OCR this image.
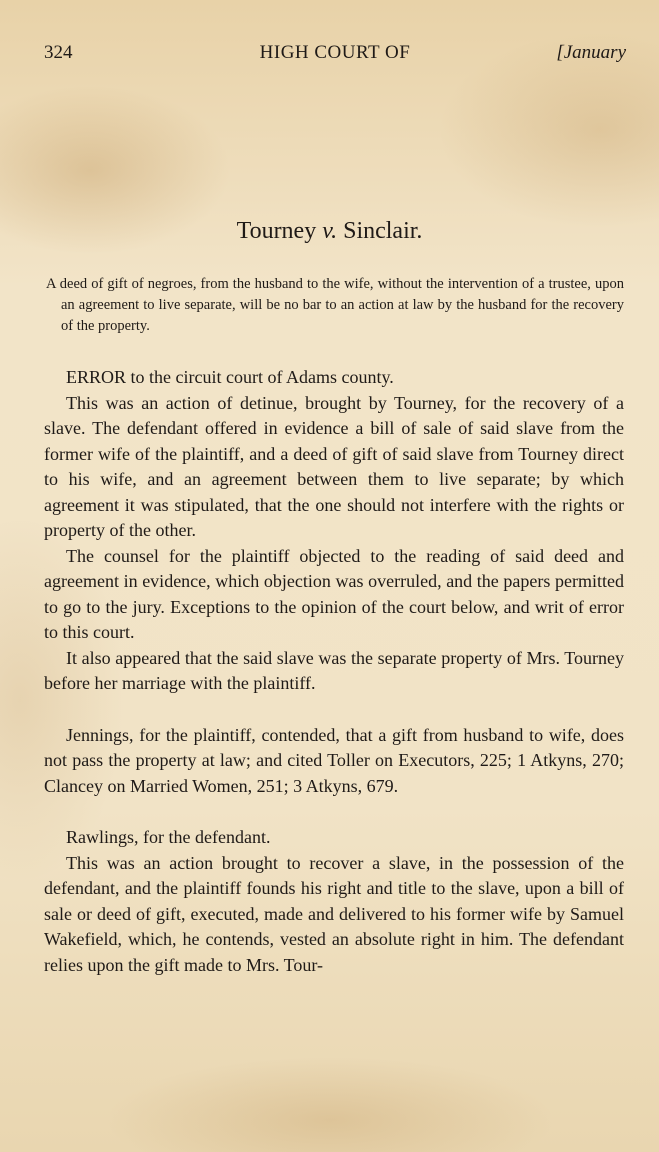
HIGH COURT OF
324	[January
Tourney v. Sinclair.
A deed of gift of negroes, from the husband to the wife, without the intervention of a trustee, upon an agreement to live separate, will be no bar to an action at law by the husband for the recovery of the property.

ERROR to the circuit court of Adams county.

This was an action of detinue, brought by Tourney, for the recovery of a slave. The defendant offered in evidence a bill of sale of said slave from the former wife of the plaintiff, and a deed of gift of said slave from Tourney direct to his wife, and an agreement between them to live separate; by which agreement it was stipulated, that the one should not interfere with the rights or property of the other.

The counsel for the plaintiff objected to the reading of said deed and agreement in evidence, which objection was overruled, and the papers permitted to go to the jury. Exceptions to the opinion of the court below, and writ of error to this court.

It also appeared that the said slave was the separate property of Mrs. Tourney before her marriage with the plaintiff.

Jennings, for the plaintiff, contended, that a gift from husband to wife, does not pass the property at law; and cited Toller on Executors, 225; 1 Atkyns, 270; Clancey on Married Women, 251; 3 Atkyns, 679.

Rawlings, for the defendant.

This was an action brought to recover a slave, in the possession of the defendant, and the plaintiff founds his right and title to the slave, upon a bill of sale or deed of gift, executed, made and delivered to his former wife by Samuel Wakefield, which, he contends, vested an absolute right in him. The defendant relies upon the gift made to Mrs. Tour-
